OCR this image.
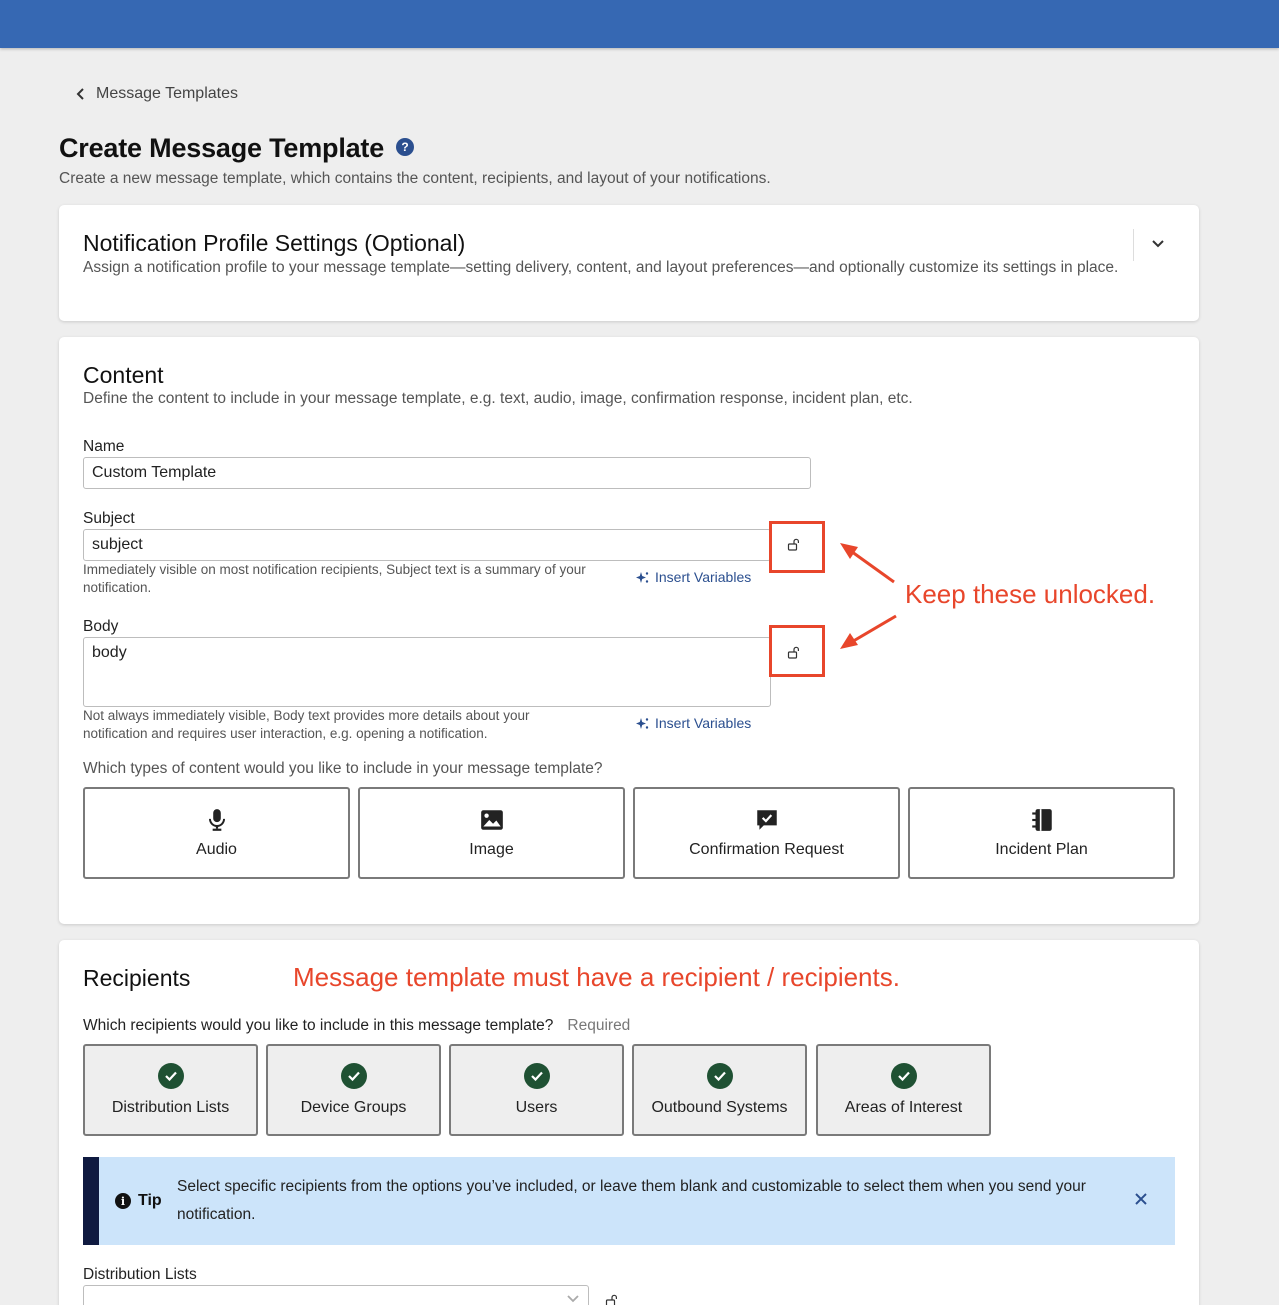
Message Templates
Create Message Template	?
Create a new message template, which contains the content, recipients, and layout of your notifications.
Notification Profile Settings (Optional)
Assign a notification profile to your message template—setting delivery, content, and layout preferences—and optionally customize its settings in place.
Content
Define the content to include in your message template, e.g. text, audio, image, confirmation response, incident plan, etc.
Name
Custom Template
Subject
subject
Immediately visible on most notification recipients, Subject text is a summary of your notification.
Insert Variables
Body
body
Not always immediately visible, Body text provides more details about your notification and requires user interaction, e.g. opening a notification.
Insert Variables
Which types of content would you like to include in your message template?
Audio	Image	Confirmation Request	Incident Plan
Keep these unlocked.
Recipients	Message template must have a recipient / recipients.
Which recipients would you like to include in this message template? Required
Distribution Lists	Device Groups	Users	Outbound Systems	Areas of Interest
i Tip
Select specific recipients from the options you’ve included, or leave them blank and customizable to select them when you send your notification.
Distribution Lists
